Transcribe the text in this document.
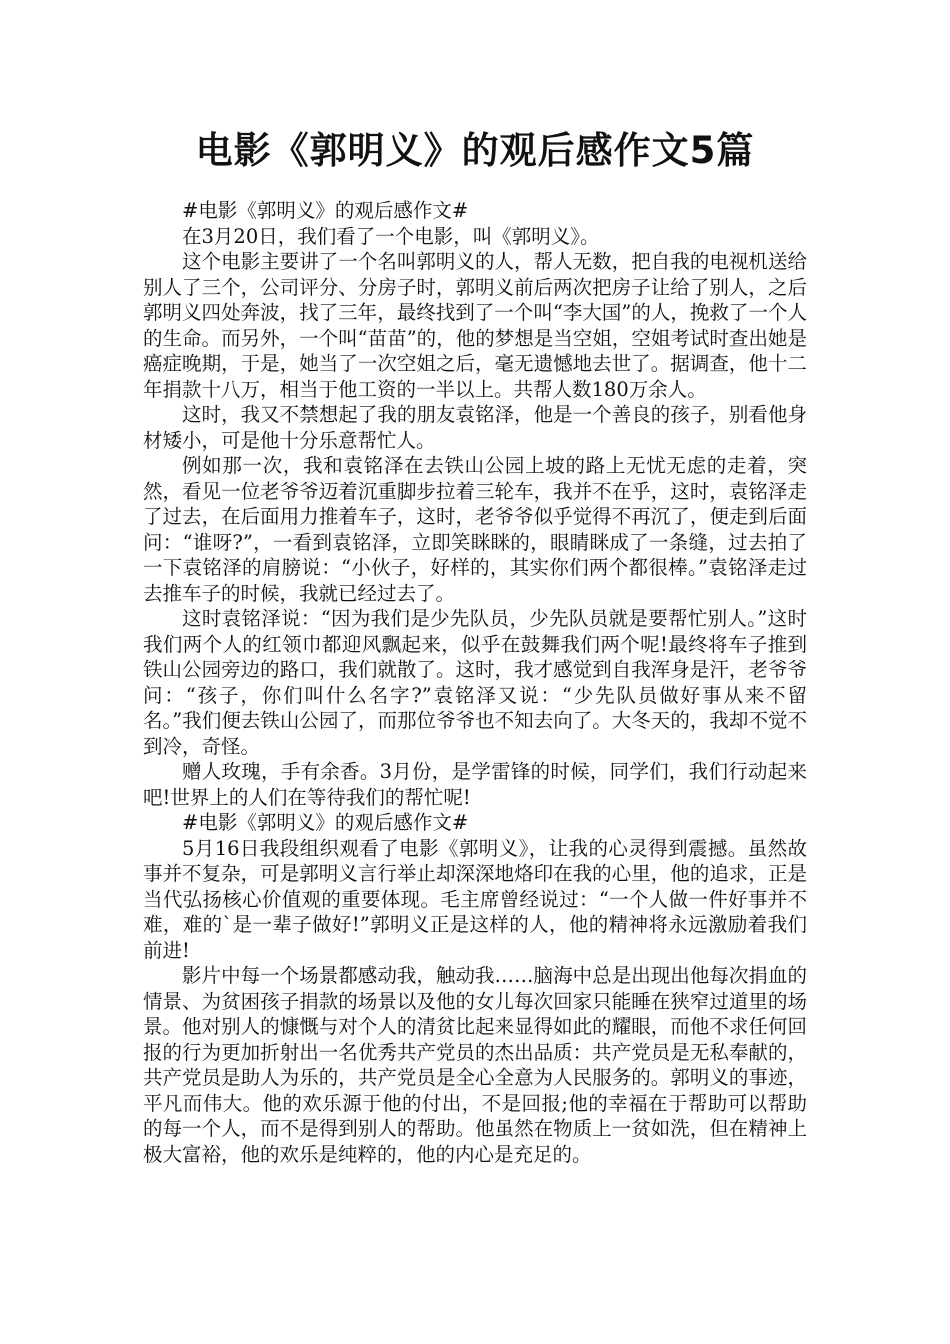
电影《郭明义》的观后感作文5篇

#电影《郭明义》的观后感作文#

在3月20日，我们看了一个电影，叫《郭明义》。

这个电影主要讲了一个名叫郭明义的人，帮人无数，把自我的电视机送给别人了三个，公司评分、分房子时，郭明义前后两次把房子让给了别人，之后郭明义四处奔波，找了三年，最终找到了一个叫“李大国”的人，挽救了一个人的生命。而另外，一个叫“苗苗”的，他的梦想是当空姐，空姐考试时查出她是癌症晚期，于是，她当了一次空姐之后，毫无遗憾地去世了。据调查，他十二年捐款十八万，相当于他工资的一半以上。共帮人数180万余人。

这时，我又不禁想起了我的朋友袁铭泽，他是一个善良的孩子，别看他身材矮小，可是他十分乐意帮忙人。

例如那一次，我和袁铭泽在去铁山公园上坡的路上无忧无虑的走着，突然，看见一位老爷爷迈着沉重脚步拉着三轮车，我并不在乎，这时，袁铭泽走了过去，在后面用力推着车子，这时，老爷爷似乎觉得不再沉了，便走到后面问：“谁呀?”，一看到袁铭泽，立即笑眯眯的，眼睛眯成了一条缝，过去拍了一下袁铭泽的肩膀说：“小伙子，好样的，其实你们两个都很棒。”袁铭泽走过去推车子的时候，我就已经过去了。

这时袁铭泽说：“因为我们是少先队员，少先队员就是要帮忙别人。”这时我们两个人的红领巾都迎风飘起来，似乎在鼓舞我们两个呢!最终将车子推到铁山公园旁边的路口，我们就散了。这时，我才感觉到自我浑身是汗，老爷爷问：“孩子，你们叫什么名字?”袁铭泽又说：“少先队员做好事从来不留名。”我们便去铁山公园了，而那位爷爷也不知去向了。大冬天的，我却不觉不到冷，奇怪。

赠人玫瑰，手有余香。3月份，是学雷锋的时候，同学们，我们行动起来吧!世界上的人们在等待我们的帮忙呢!

#电影《郭明义》的观后感作文#

5月16日我段组织观看了电影《郭明义》，让我的心灵得到震撼。虽然故事并不复杂，可是郭明义言行举止却深深地烙印在我的心里，他的追求，正是当代弘扬核心价值观的重要体现。毛主席曾经说过：“一个人做一件好事并不难，难的`是一辈子做好!”郭明义正是这样的人，他的精神将永远激励着我们前进!

影片中每一个场景都感动我，触动我……脑海中总是出现出他每次捐血的情景、为贫困孩子捐款的场景以及他的女儿每次回家只能睡在狭窄过道里的场景。他对别人的慷慨与对个人的清贫比起来显得如此的耀眼，而他不求任何回报的行为更加折射出一名优秀共产党员的杰出品质：共产党员是无私奉献的，共产党员是助人为乐的，共产党员是全心全意为人民服务的。郭明义的事迹，平凡而伟大。他的欢乐源于他的付出，不是回报;他的幸福在于帮助可以帮助的每一个人，而不是得到别人的帮助。他虽然在物质上一贫如洗，但在精神上极大富裕，他的欢乐是纯粹的，他的内心是充足的。
